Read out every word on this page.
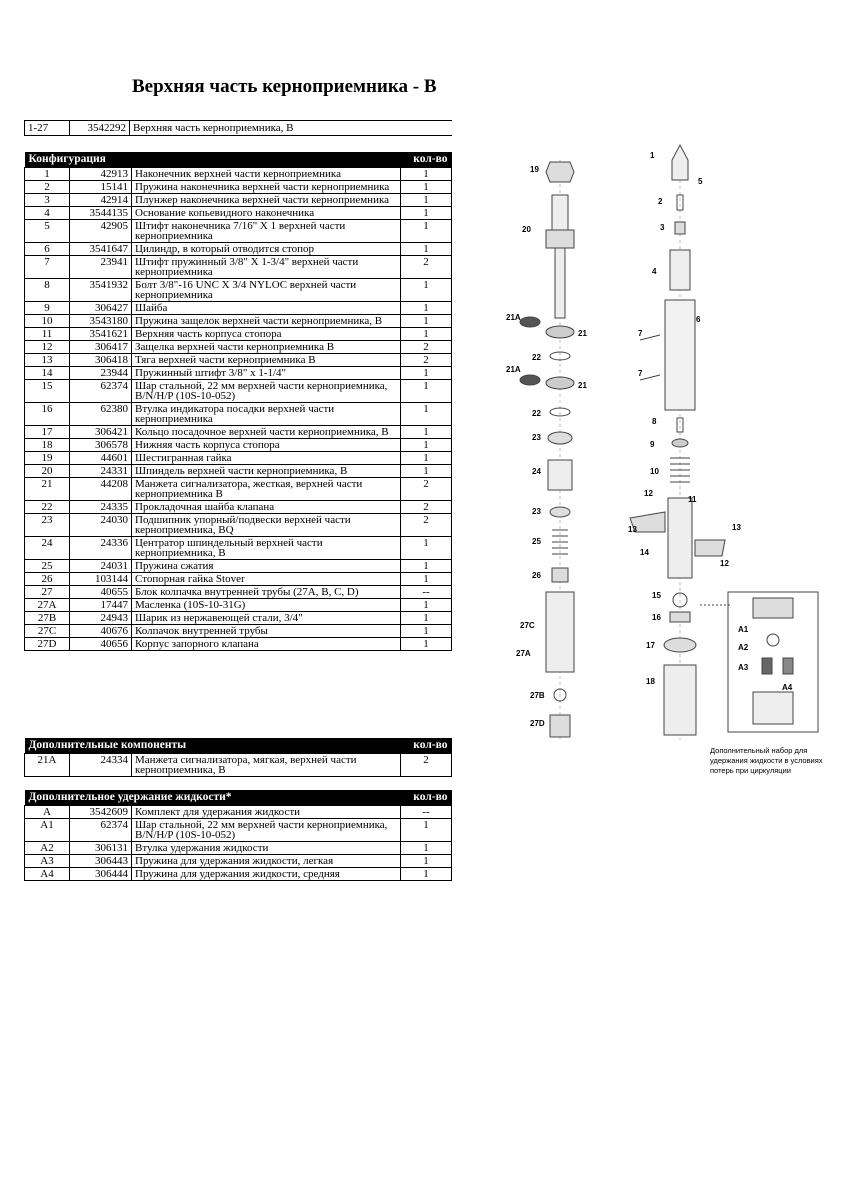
Верхняя часть керноприемника - В
1-27	3542292	Верхняя часть керноприемника, В
Конфигурация			кол-во
1	42913	Наконечник верхней части керноприемника	1
2	15141	Пружина наконечника верхней части керноприемника	1
3	42914	Плунжер наконечника верхней части керноприемника	1
4	3544135	Основание копьевидного наконечника	1
5	42905	Штифт наконечника 7/16" X 1 верхней части керноприемника	1
6	3541647	Цилиндр, в который отводится стопор	1
7	23941	Штифт пружинный 3/8" X 1-3/4" верхней части керноприемника	2
8	3541932	Болт 3/8"-16 UNC X 3/4 NYLOC верхней части керноприемника	1
9	306427	Шайба	1
10	3543180	Пружина защелок верхней части керноприемника, В	1
11	3541621	Верхняя часть корпуса стопора	1
12	306417	Защелка верхней части керноприемника В	2
13	306418	Тяга верхней части керноприемника В	2
14	23944	Пружинный штифт 3/8" x 1-1/4"	1
15	62374	Шар стальной, 22 мм верхней части керноприемника, B/N/H/P (10S-10-052)	1
16	62380	Втулка индикатора посадки верхней части керноприемника	1
17	306421	Кольцо посадочное верхней части керноприемника, В	1
18	306578	Нижняя часть корпуса стопора	1
19	44601	Шестигранная гайка	1
20	24331	Шпиндель верхней части керноприемника, В	1
21	44208	Манжета сигнализатора, жесткая, верхней части керноприемника В	2
22	24335	Прокладочная шайба клапана	2
23	24030	Подшипник упорный/подвески верхней части керноприемника, BQ	2
24	24336	Центратор шпиндельный верхней части керноприемника, В	1
25	24031	Пружина сжатия	1
26	103144	Стопорная гайка Stover	1
27	40655	Блок колпачка внутренней трубы (27A, B, C, D)	--
27A	17447	Масленка (10S-10-31G)	1
27B	24943	Шарик из нержавеющей стали, 3/4"	1
27C	40676	Колпачок внутренней трубы	1
27D	40656	Корпус запорного клапана	1
Дополнительные компоненты			кол-во
21A	24334	Манжета сигнализатора, мягкая, верхней части керноприемника, В	2
Дополнительное удержание жидкости*			кол-во
A	3542609	Комплект для удержания жидкости	--
A1	62374	Шар стальной, 22 мм верхней части керноприемника, B/N/H/P (10S-10-052)	1
A2	306131	Втулка удержания жидкости	1
A3	306443	Пружина для удержания жидкости, легкая	1
A4	306444	Пружина для удержания жидкости, средняя	1
19
20
21A
21
22
21A
21
22
23
24
23
25
26
27C
27A
27B
27D
1
5
2
3
4
6
7
7
8
9
10
12
11
13	13
14
12
15
16
17
18
A1
A2
A3
A4
Дополнительный набор для удержания жидкости в условиях потерь при циркуляции
